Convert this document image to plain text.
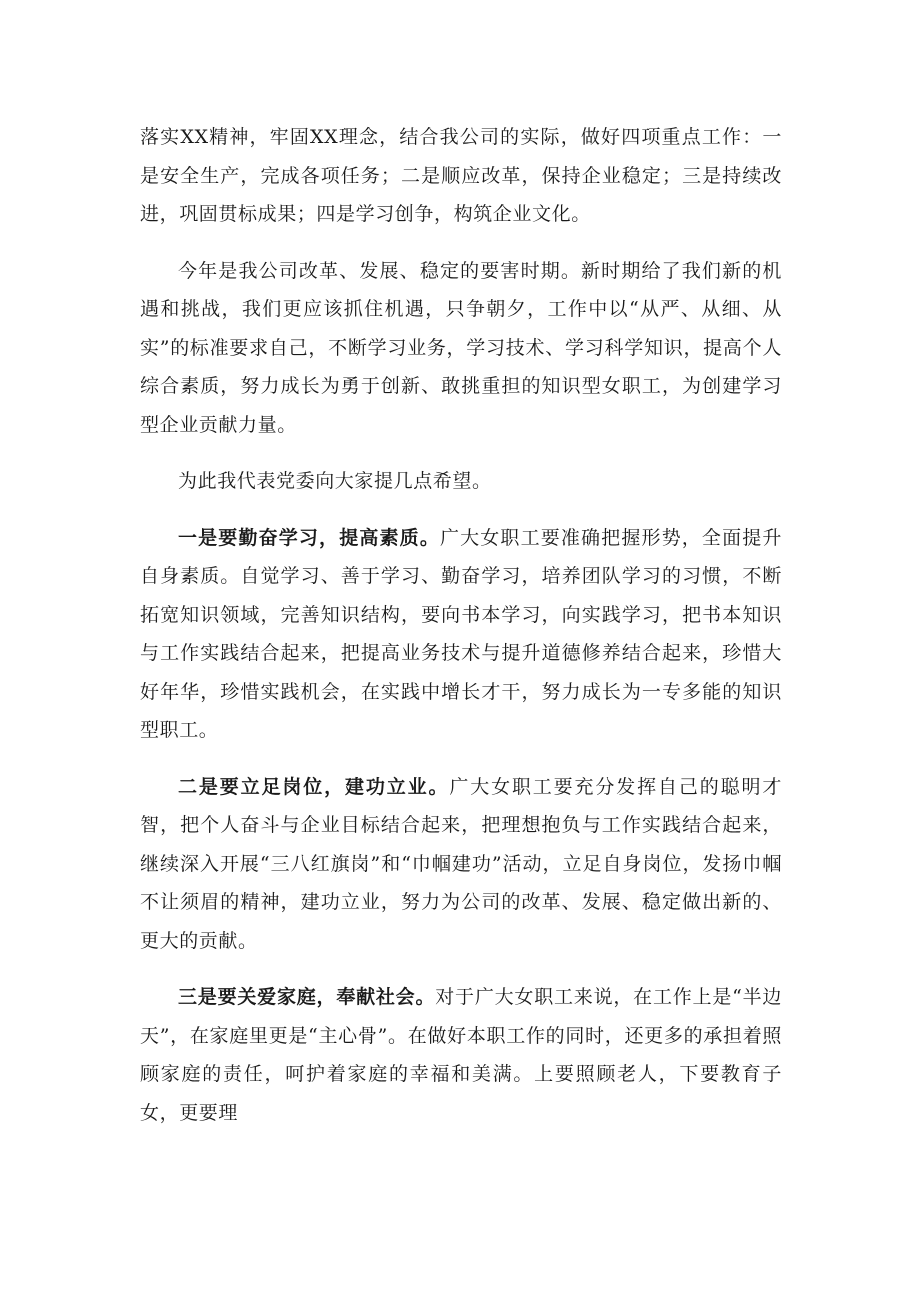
落实XX精神，牢固XX理念，结合我公司的实际，做好四项重点工作：一是安全生产，完成各项任务；二是顺应改革，保持企业稳定；三是持续改进，巩固贯标成果；四是学习创争，构筑企业文化。

今年是我公司改革、发展、稳定的要害时期。新时期给了我们新的机遇和挑战，我们更应该抓住机遇，只争朝夕，工作中以“从严、从细、从实”的标准要求自己，不断学习业务，学习技术、学习科学知识，提高个人综合素质，努力成长为勇于创新、敢挑重担的知识型女职工，为创建学习型企业贡献力量。

为此我代表党委向大家提几点希望。

一是要勤奋学习，提高素质。广大女职工要准确把握形势，全面提升自身素质。自觉学习、善于学习、勤奋学习，培养团队学习的习惯，不断拓宽知识领域，完善知识结构，要向书本学习，向实践学习，把书本知识与工作实践结合起来，把提高业务技术与提升道德修养结合起来，珍惜大好年华，珍惜实践机会，在实践中增长才干，努力成长为一专多能的知识型职工。

二是要立足岗位，建功立业。广大女职工要充分发挥自己的聪明才智，把个人奋斗与企业目标结合起来，把理想抱负与工作实践结合起来，继续深入开展“三八红旗岗”和“巾帼建功”活动，立足自身岗位，发扬巾帼不让须眉的精神，建功立业，努力为公司的改革、发展、稳定做出新的、更大的贡献。

三是要关爱家庭，奉献社会。对于广大女职工来说，在工作上是“半边天”，在家庭里更是“主心骨”。在做好本职工作的同时，还更多的承担着照顾家庭的责任，呵护着家庭的幸福和美满。上要照顾老人，下要教育子女，更要理
